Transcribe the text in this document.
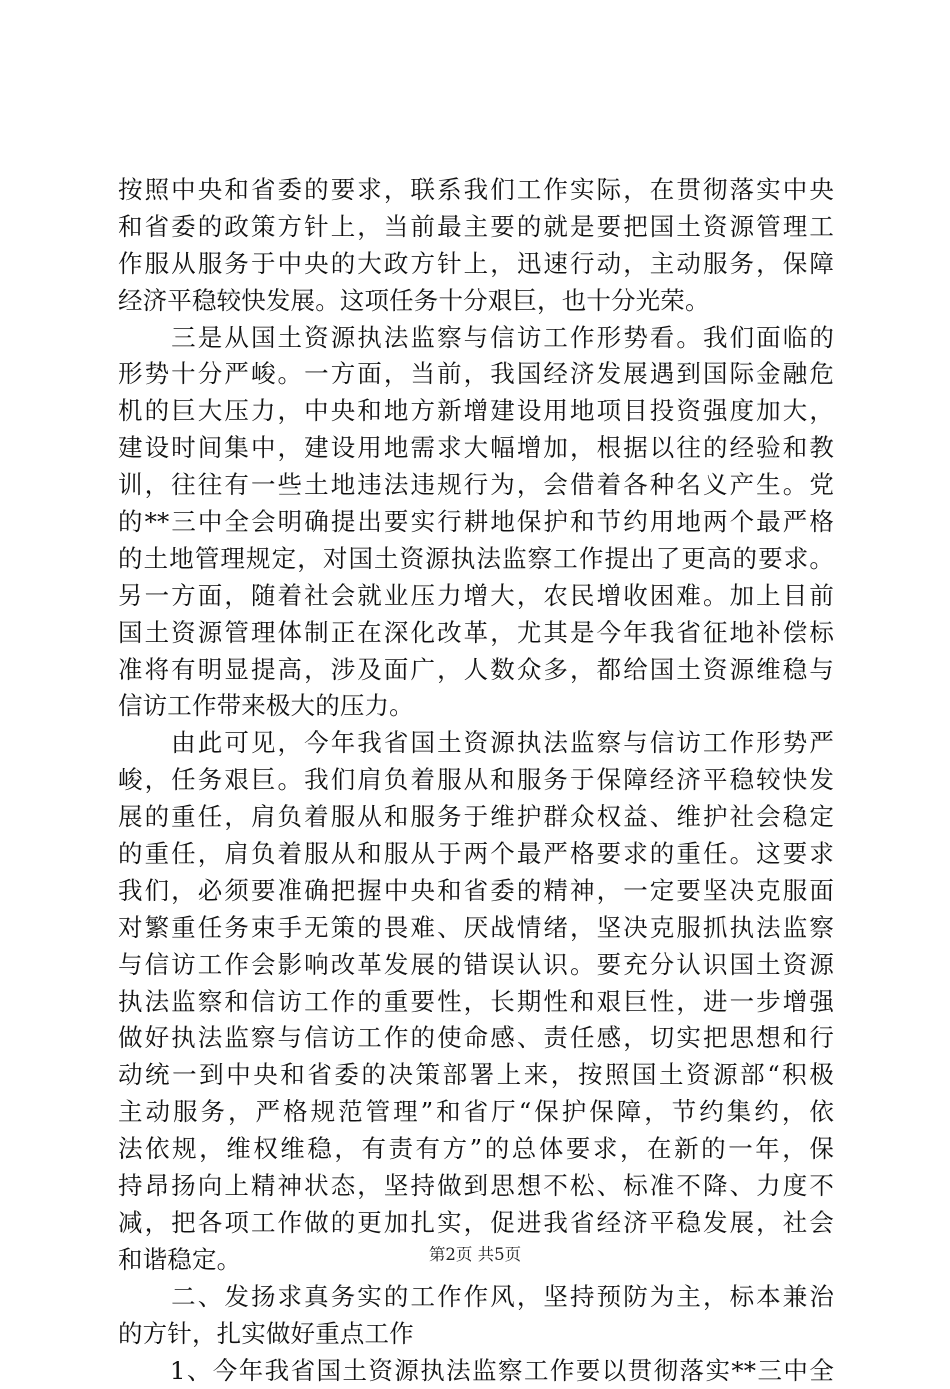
按照中央和省委的要求，联系我们工作实际，在贯彻落实中央
和省委的政策方针上，当前最主要的就是要把国土资源管理工
作服从服务于中央的大政方针上，迅速行动，主动服务，保障
经济平稳较快发展。这项任务十分艰巨，也十分光荣。
　　三是从国土资源执法监察与信访工作形势看。我们面临的
形势十分严峻。一方面，当前，我国经济发展遇到国际金融危
机的巨大压力，中央和地方新增建设用地项目投资强度加大，
建设时间集中，建设用地需求大幅增加，根据以往的经验和教
训，往往有一些土地违法违规行为，会借着各种名义产生。党
的**三中全会明确提出要实行耕地保护和节约用地两个最严格
的土地管理规定，对国土资源执法监察工作提出了更高的要求。
另一方面，随着社会就业压力增大，农民增收困难。加上目前
国土资源管理体制正在深化改革，尤其是今年我省征地补偿标
准将有明显提高，涉及面广，人数众多，都给国土资源维稳与
信访工作带来极大的压力。
　　由此可见，今年我省国土资源执法监察与信访工作形势严
峻，任务艰巨。我们肩负着服从和服务于保障经济平稳较快发
展的重任，肩负着服从和服务于维护群众权益、维护社会稳定
的重任，肩负着服从和服从于两个最严格要求的重任。这要求
我们，必须要准确把握中央和省委的精神，一定要坚决克服面
对繁重任务束手无策的畏难、厌战情绪，坚决克服抓执法监察
与信访工作会影响改革发展的错误认识。要充分认识国土资源
执法监察和信访工作的重要性，长期性和艰巨性，进一步增强
做好执法监察与信访工作的使命感、责任感，切实把思想和行
动统一到中央和省委的决策部署上来，按照国土资源部“积极
主动服务，严格规范管理”和省厅“保护保障，节约集约，依
法依规，维权维稳，有责有方”的总体要求，在新的一年，保
持昂扬向上精神状态，坚持做到思想不松、标准不降、力度不
减，把各项工作做的更加扎实，促进我省经济平稳发展，社会
和谐稳定。
　　二、发扬求真务实的工作作风，坚持预防为主，标本兼治
的方针，扎实做好重点工作
　　1、今年我省国土资源执法监察工作要以贯彻落实**三中全
第2页 共5页
